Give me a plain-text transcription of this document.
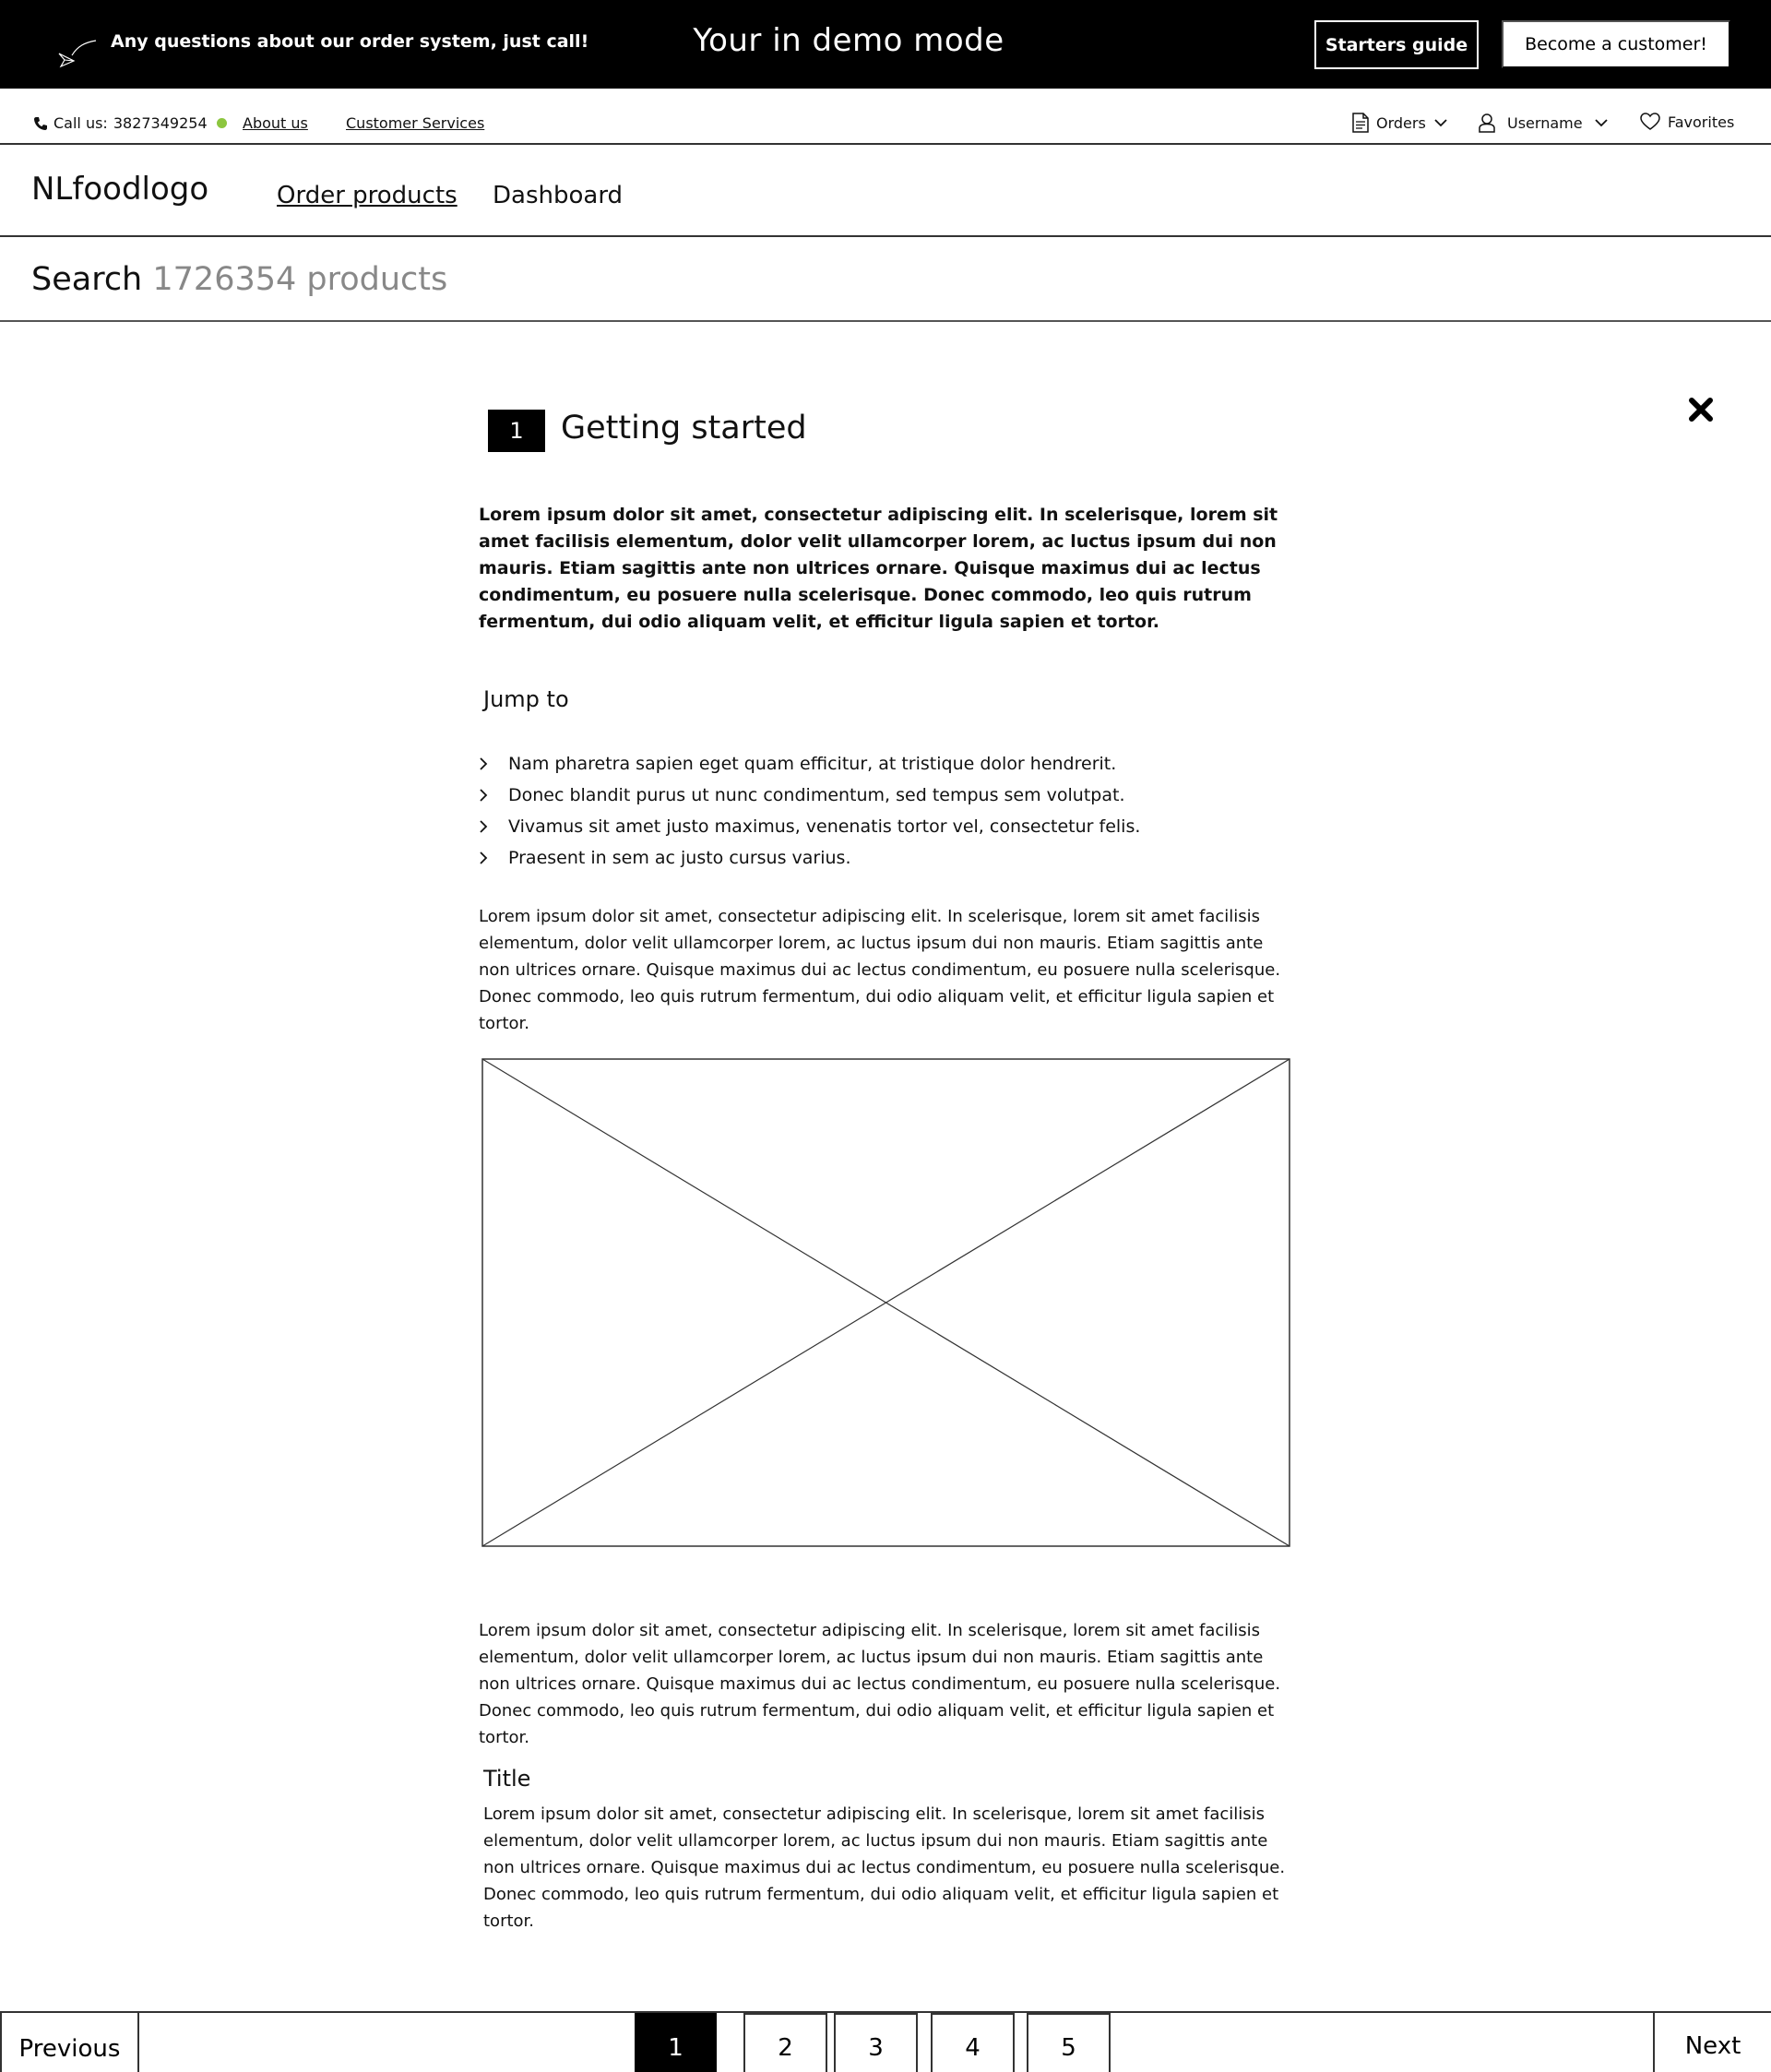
Any questions about our order system, just call!	Your in demo mode	Starters guide	Become a customer!
Call us: 3827349254 About us	Customer Services	Orders	Username	Favorites
NLfoodlogo	Order products Dashboard
Search 1726354 products
1	Getting started

Lorem ipsum dolor sit amet, consectetur adipiscing elit. In scelerisque, lorem sit amet facilisis elementum, dolor velit ullamcorper lorem, ac luctus ipsum dui non mauris. Etiam sagittis ante non ultrices ornare. Quisque maximus dui ac lectus condimentum, eu posuere nulla scelerisque. Donec commodo, leo quis rutrum fermentum, dui odio aliquam velit, et efficitur ligula sapien et tortor.

Jump to
Nam pharetra sapien eget quam efficitur, at tristique dolor hendrerit.
Donec blandit purus ut nunc condimentum, sed tempus sem volutpat.
Vivamus sit amet justo maximus, venenatis tortor vel, consectetur felis.
Praesent in sem ac justo cursus varius.

Lorem ipsum dolor sit amet, consectetur adipiscing elit. In scelerisque, lorem sit amet facilisis elementum, dolor velit ullamcorper lorem, ac luctus ipsum dui non mauris. Etiam sagittis ante non ultrices ornare. Quisque maximus dui ac lectus condimentum, eu posuere nulla scelerisque. Donec commodo, leo quis rutrum fermentum, dui odio aliquam velit, et efficitur ligula sapien et tortor.

Lorem ipsum dolor sit amet, consectetur adipiscing elit. In scelerisque, lorem sit amet facilisis elementum, dolor velit ullamcorper lorem, ac luctus ipsum dui non mauris. Etiam sagittis ante non ultrices ornare. Quisque maximus dui ac lectus condimentum, eu posuere nulla scelerisque. Donec commodo, leo quis rutrum fermentum, dui odio aliquam velit, et efficitur ligula sapien et tortor.

Title

Lorem ipsum dolor sit amet, consectetur adipiscing elit. In scelerisque, lorem sit amet facilisis elementum, dolor velit ullamcorper lorem, ac luctus ipsum dui non mauris. Etiam sagittis ante non ultrices ornare. Quisque maximus dui ac lectus condimentum, eu posuere nulla scelerisque. Donec commodo, leo quis rutrum fermentum, dui odio aliquam velit, et efficitur ligula sapien et tortor.

Previous	1	2	3	4	5	Next
